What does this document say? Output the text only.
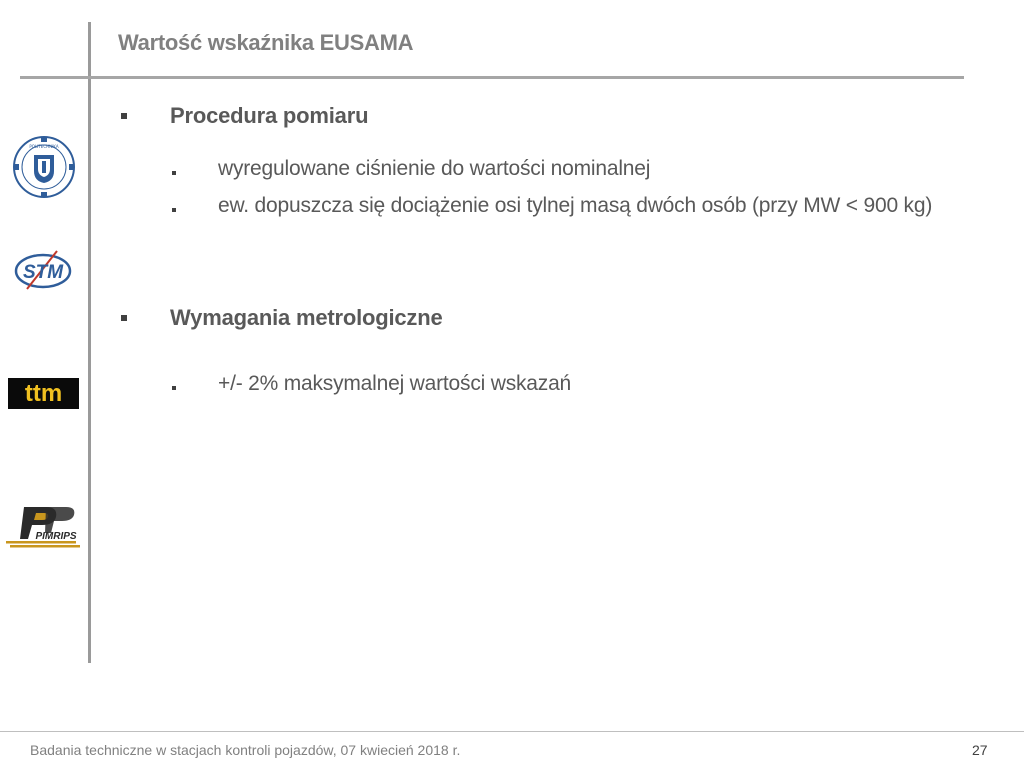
Wartość wskaźnika EUSAMA
POLITECHNIKA
STM
ttm
PIMRIPS
Procedura pomiaru
wyregulowane ciśnienie do wartości nominalnej
ew. dopuszcza się dociążenie osi tylnej masą dwóch osób (przy MW < 900 kg)
Wymagania metrologiczne
+/- 2% maksymalnej wartości wskazań
Badania techniczne w stacjach kontroli pojazdów, 07 kwiecień 2018 r.	27
